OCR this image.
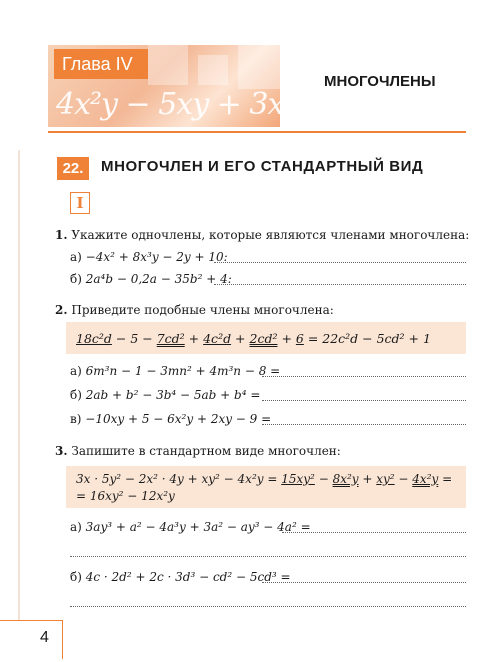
Глава IV
4x²y − 5xy + 3x − 1
МНОГОЧЛЕНЫ
22.	МНОГОЧЛЕН И ЕГО СТАНДАРТНЫЙ ВИД
I
1. Укажите одночлены, которые являются членами многочлена:
а) −4x² + 8x³y − 2y + 10:
б) 2a⁴b − 0,2a − 35b² + 4:
2. Приведите подобные члены многочлена:
18c²d − 5 − 7cd² + 4c²d + 2cd² + 6 = 22c²d − 5cd² + 1
а) 6m³n − 1 − 3mn² + 4m³n − 8 =
б) 2ab + b² − 3b⁴ − 5ab + b⁴ =
в) −10xy + 5 − 6x²y + 2xy − 9 =
3. Запишите в стандартном виде многочлен:
3x · 5y² − 2x² · 4y + xy² − 4x²y = 15xy² − 8x²y + xy² − 4x²y =
= 16xy² − 12x²y
а) 3ay³ + a² − 4a³y + 3a² − ay³ − 4a² =
б) 4c · 2d² + 2c · 3d³ − cd² − 5cd³ =
4
